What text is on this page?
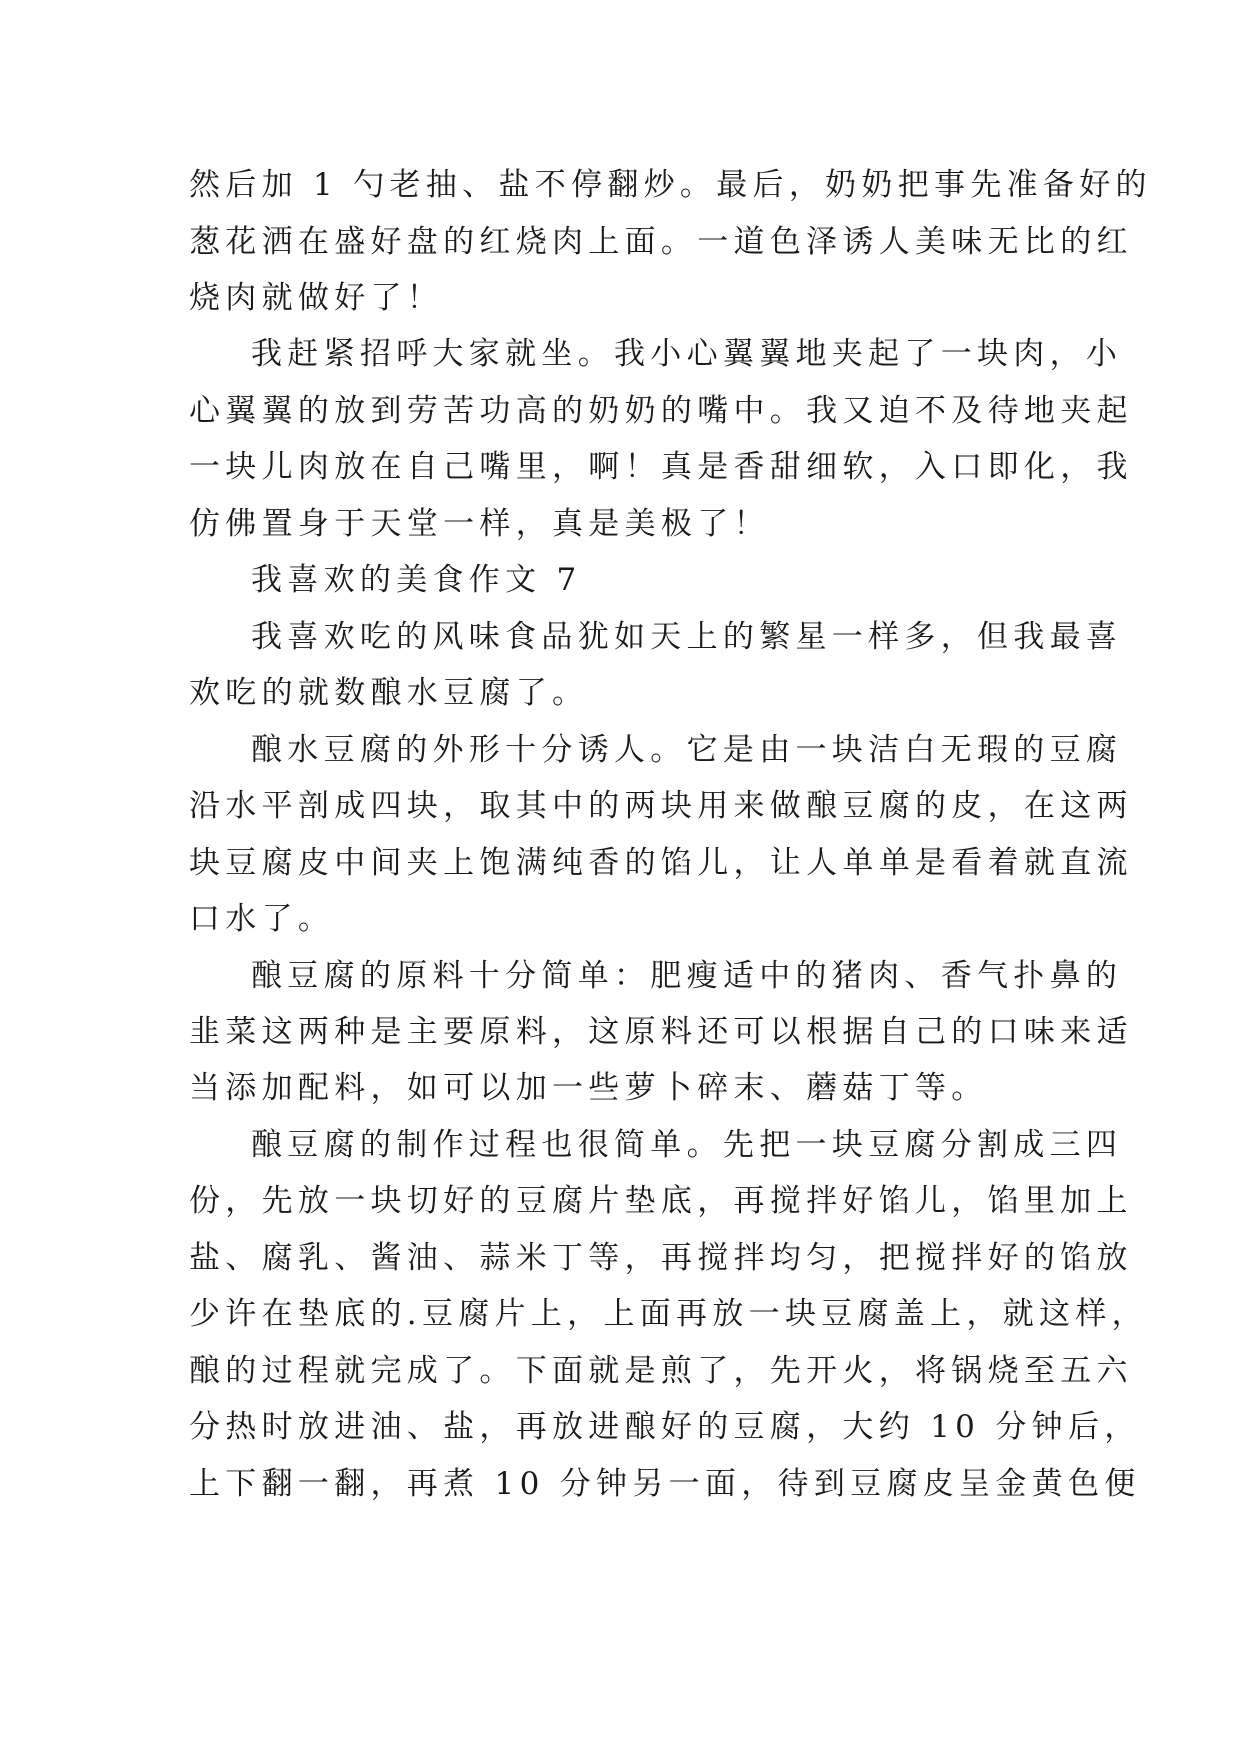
然后加 1 勺老抽、盐不停翻炒。最后，奶奶把事先准备好的
葱花洒在盛好盘的红烧肉上面。一道色泽诱人美味无比的红
烧肉就做好了！
我赶紧招呼大家就坐。我小心翼翼地夹起了一块肉，小
心翼翼的放到劳苦功高的奶奶的嘴中。我又迫不及待地夹起
一块儿肉放在自己嘴里，啊！真是香甜细软，入口即化，我
仿佛置身于天堂一样，真是美极了！
我喜欢的美食作文 7
我喜欢吃的风味食品犹如天上的繁星一样多，但我最喜
欢吃的就数酿水豆腐了。
酿水豆腐的外形十分诱人。它是由一块洁白无瑕的豆腐
沿水平剖成四块，取其中的两块用来做酿豆腐的皮，在这两
块豆腐皮中间夹上饱满纯香的馅儿，让人单单是看着就直流
口水了。
酿豆腐的原料十分简单：肥瘦适中的猪肉、香气扑鼻的
韭菜这两种是主要原料，这原料还可以根据自己的口味来适
当添加配料，如可以加一些萝卜碎末、蘑菇丁等。
酿豆腐的制作过程也很简单。先把一块豆腐分割成三四
份，先放一块切好的豆腐片垫底，再搅拌好馅儿，馅里加上
盐、腐乳、酱油、蒜米丁等，再搅拌均匀，把搅拌好的馅放
少许在垫底的.豆腐片上，上面再放一块豆腐盖上，就这样，
酿的过程就完成了。下面就是煎了，先开火，将锅烧至五六
分热时放进油、盐，再放进酿好的豆腐，大约 10 分钟后，
上下翻一翻，再煮 10 分钟另一面，待到豆腐皮呈金黄色便
